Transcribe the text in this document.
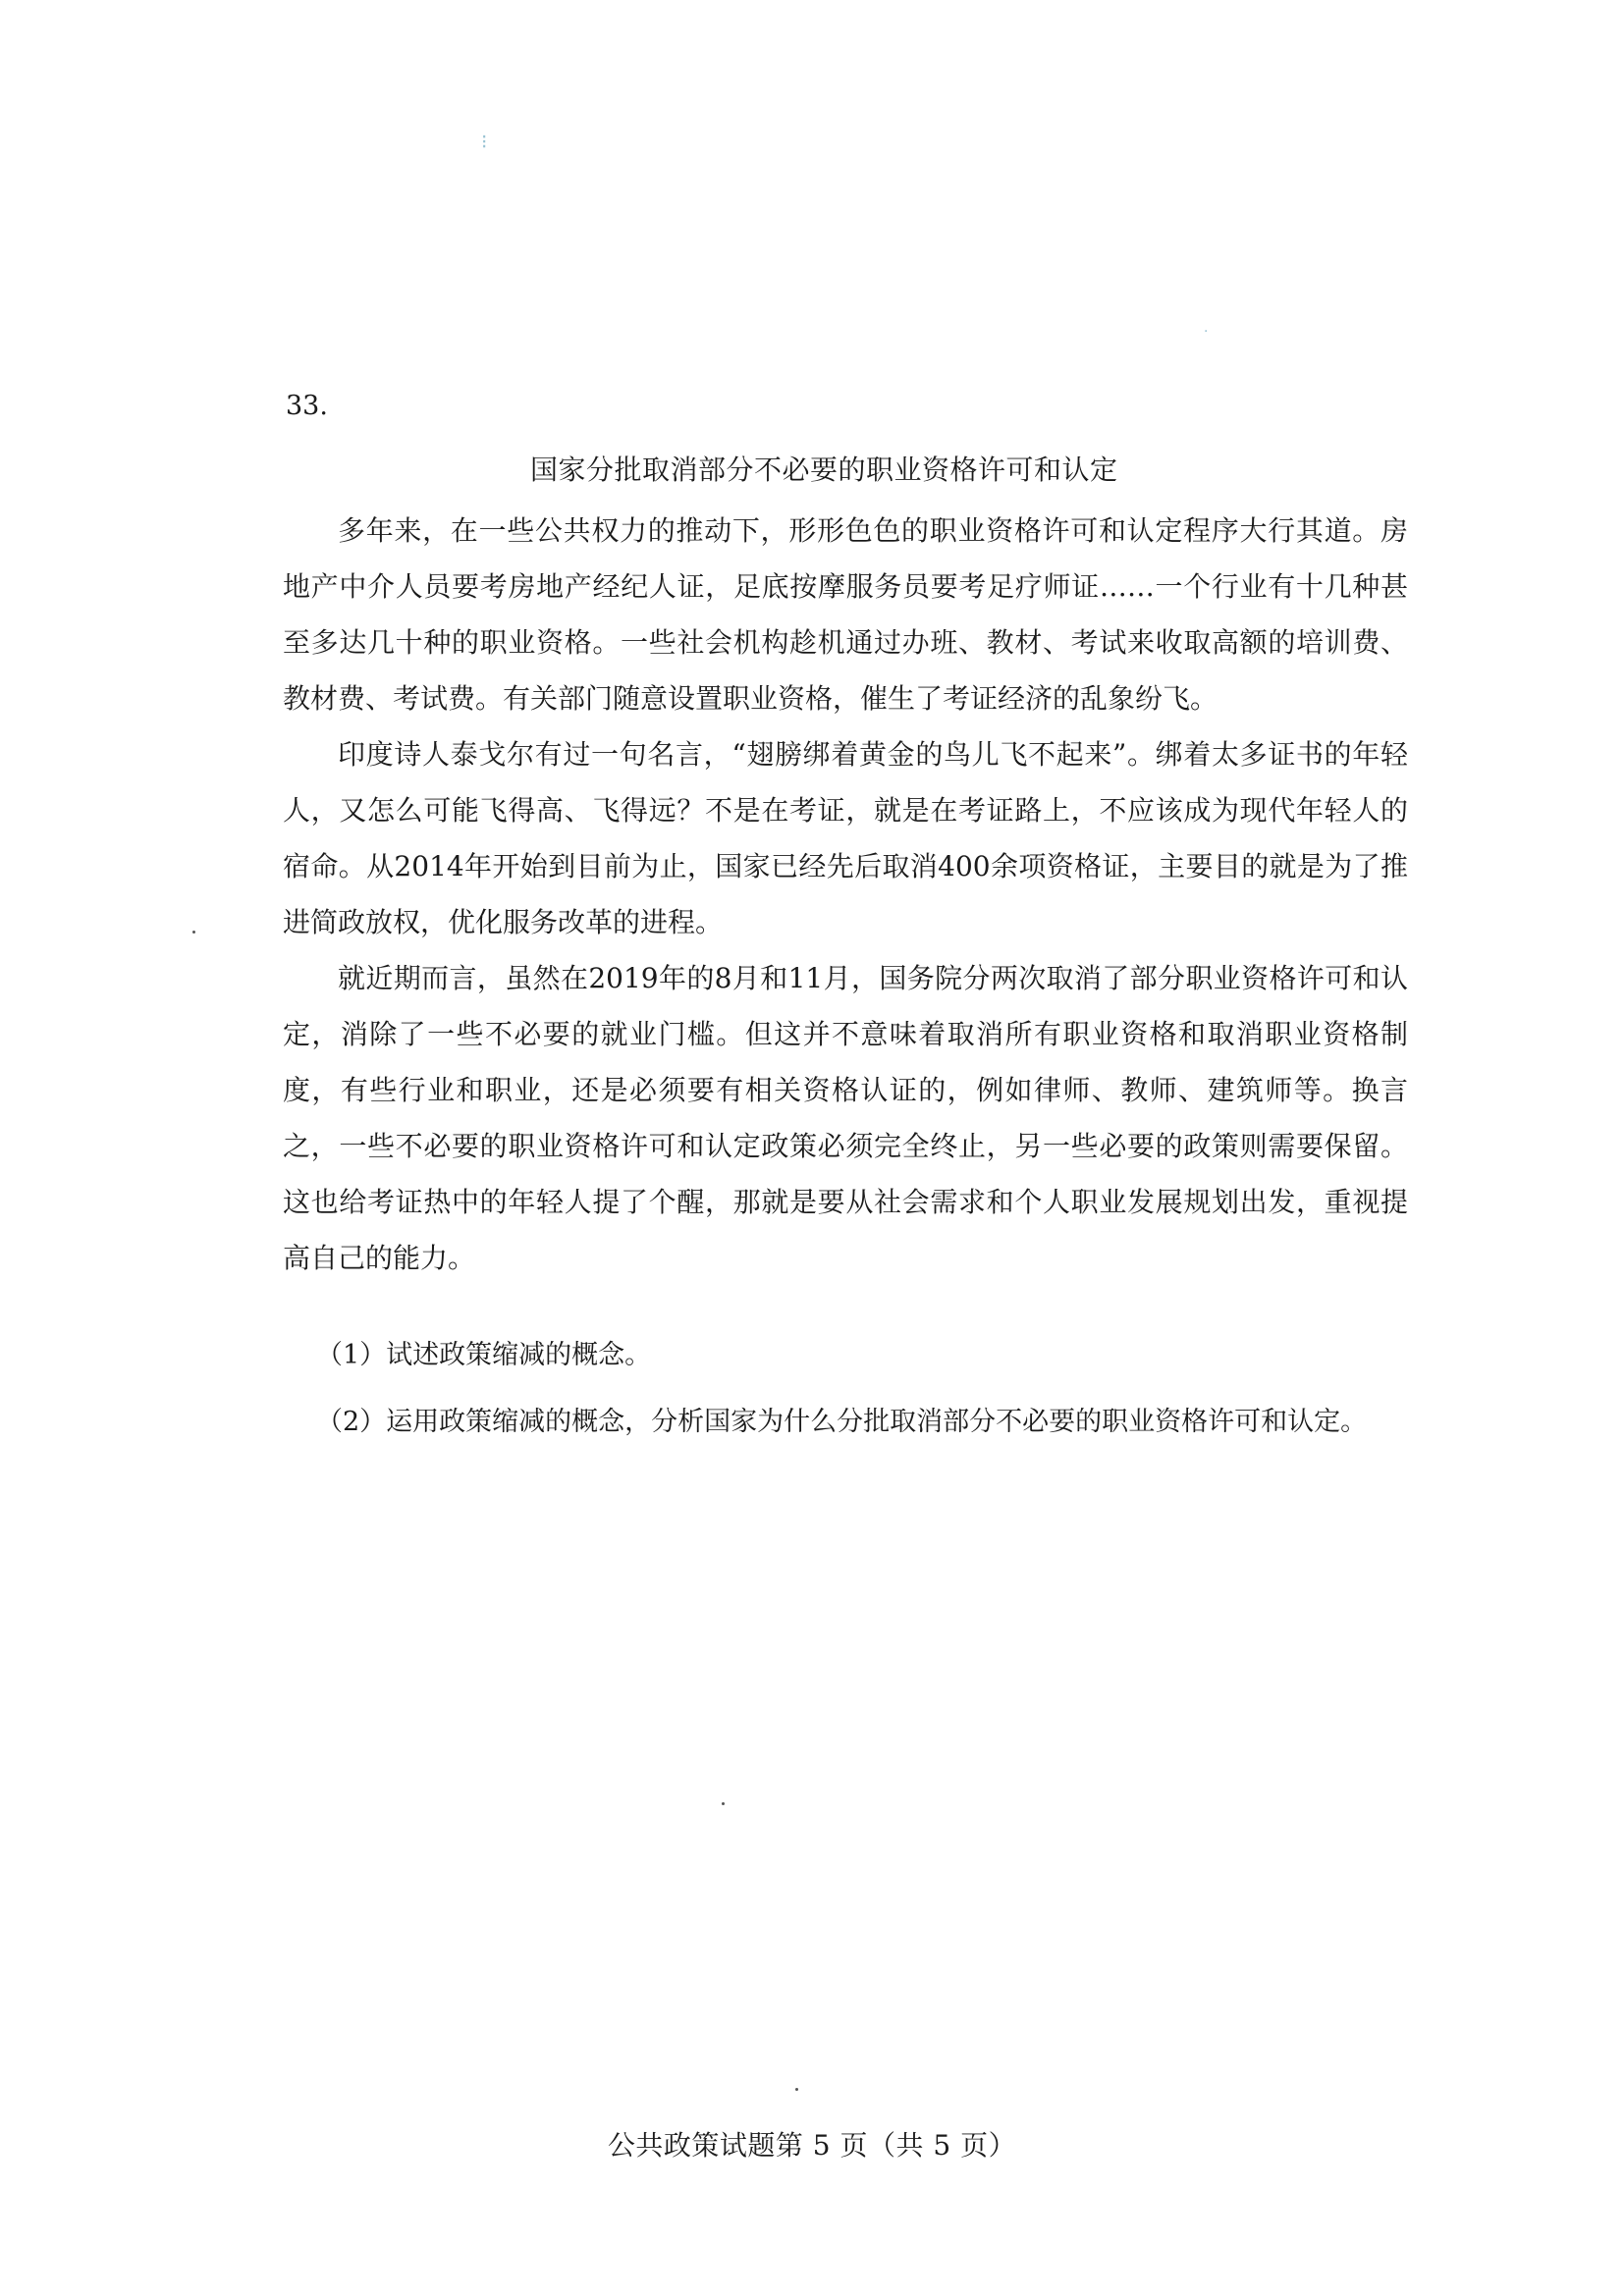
⁝
·
33.
国家分批取消部分不必要的职业资格许可和认定

多年来，在一些公共权力的推动下，形形色色的职业资格许可和认定程序大行其道。房地产中介人员要考房地产经纪人证，足底按摩服务员要考足疗师证……一个行业有十几种甚至多达几十种的职业资格。一些社会机构趁机通过办班、教材、考试来收取高额的培训费、教材费、考试费。有关部门随意设置职业资格，催生了考证经济的乱象纷飞。

印度诗人泰戈尔有过一句名言，“翅膀绑着黄金的鸟儿飞不起来”。绑着太多证书的年轻人，又怎么可能飞得高、飞得远？不是在考证，就是在考证路上，不应该成为现代年轻人的宿命。从2014年开始到目前为止，国家已经先后取消400余项资格证，主要目的就是为了推进简政放权，优化服务改革的进程。

就近期而言，虽然在2019年的8月和11月，国务院分两次取消了部分职业资格许可和认定，消除了一些不必要的就业门槛。但这并不意味着取消所有职业资格和取消职业资格制度，有些行业和职业，还是必须要有相关资格认证的，例如律师、教师、建筑师等。换言之，一些不必要的职业资格许可和认定政策必须完全终止，另一些必要的政策则需要保留。这也给考证热中的年轻人提了个醒，那就是要从社会需求和个人职业发展规划出发，重视提高自己的能力。

（1）试述政策缩减的概念。

（2）运用政策缩减的概念，分析国家为什么分批取消部分不必要的职业资格许可和认定。

公共政策试题第 5 页（共 5 页）
